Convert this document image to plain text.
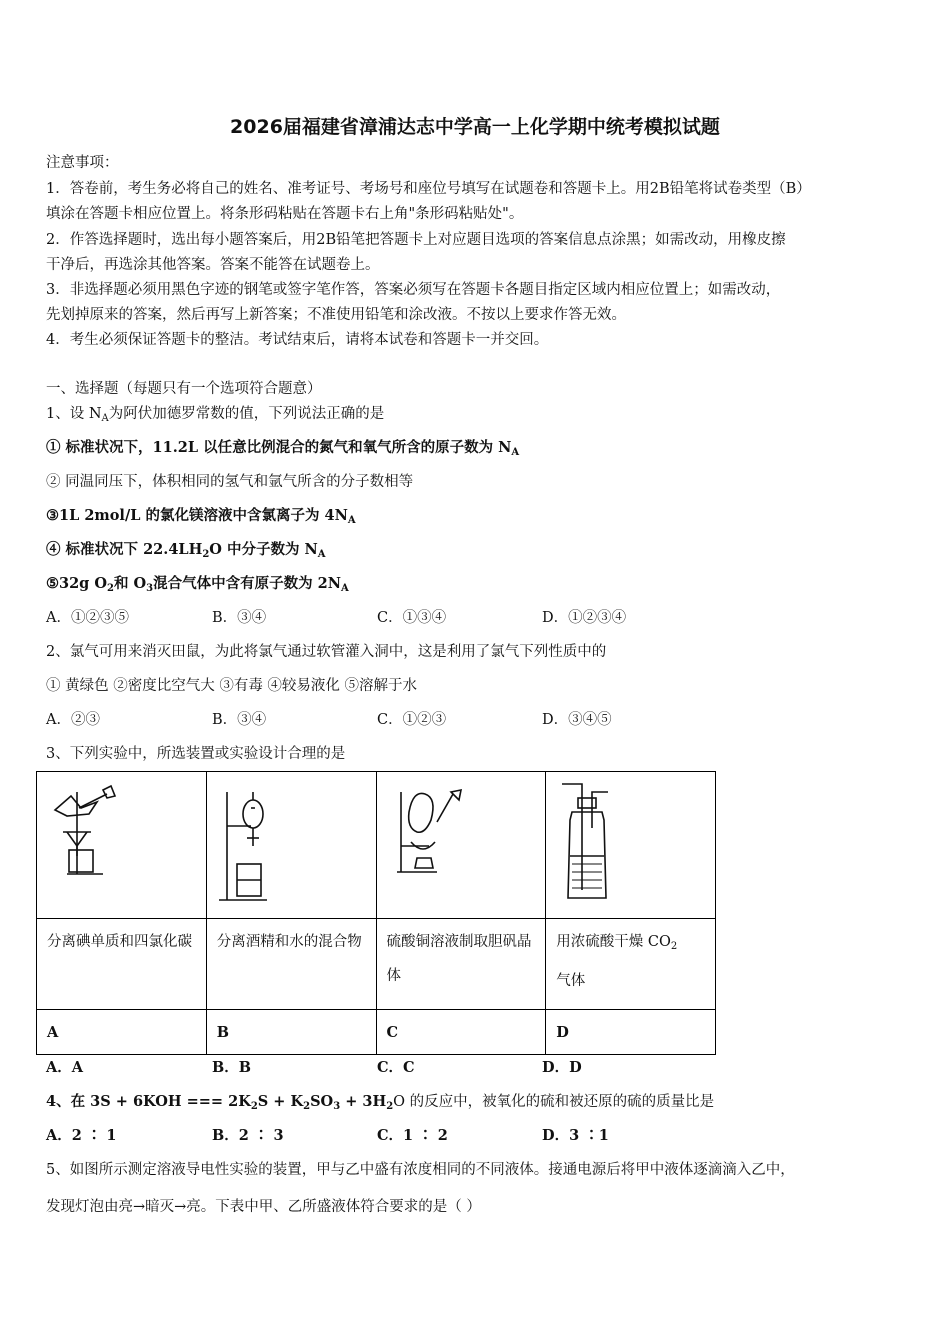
2026届福建省漳浦达志中学高一上化学期中统考模拟试题
注意事项：
1．答卷前，考生务必将自己的姓名、准考证号、考场号和座位号填写在试题卷和答题卡上。用2B铅笔将试卷类型（B）
填涂在答题卡相应位置上。将条形码粘贴在答题卡右上角"条形码粘贴处"。
2．作答选择题时，选出每小题答案后，用2B铅笔把答题卡上对应题目选项的答案信息点涂黑；如需改动，用橡皮擦
干净后，再选涂其他答案。答案不能答在试题卷上。
3．非选择题必须用黑色字迹的钢笔或签字笔作答，答案必须写在答题卡各题目指定区域内相应位置上；如需改动，
先划掉原来的答案，然后再写上新答案；不准使用铅笔和涂改液。不按以上要求作答无效。
4．考生必须保证答题卡的整洁。考试结束后，请将本试卷和答题卡一并交回。
一、选择题（每题只有一个选项符合题意）
1、设 $N_A$为阿伏加德罗常数的值，下列说法正确的是
① 标准状况下，11.2L 以任意比例混合的氮气和氧气所含的原子数为 $N_A$
② 同温同压下，体积相同的氢气和氩气所含的分子数相等
③1L 2mol/L 的氯化镁溶液中含氯离子为 $4N_A$
④ 标准状况下 $22.4LH_2O$ 中分子数为 $N_A$
⑤32g $O_2$和 $O_3$混合气体中含有原子数为 $2N_A$
A．①②③⑤	B．③④	C．①③④	D．①②③④
2、氯气可用来消灭田鼠，为此将氯气通过软管灌入洞中，这是利用了氯气下列性质中的
① 黄绿色 ②密度比空气大 ③有毒 ④较易液化 ⑤溶解于水
A．②③	B．③④	C．①②③	D．③④⑤
3、下列实验中，所选装置或实验设计合理的是

分离碘单质和四氯化碳	分离酒精和水的混合物	硫酸铜溶液制取胆矾晶体	用浓硫酸干燥 $CO_2$
气体
A	B	C	D
A．A	B．B	C．C	D．D
4、在 3S + 6KOH === $2K_2S + K_2SO_3 + 3H_2O$ 的反应中，被氧化的硫和被还原的硫的质量比是
A．2 ∶ 1	B．2 ∶ 3	C．1 ∶ 2	D．3 ∶1
5、如图所示测定溶液导电性实验的装置，甲与乙中盛有浓度相同的不同液体。接通电源后将甲中液体逐滴滴入乙中，
发现灯泡由亮→暗灭→亮。下表中甲、乙所盛液体符合要求的是（ ）
